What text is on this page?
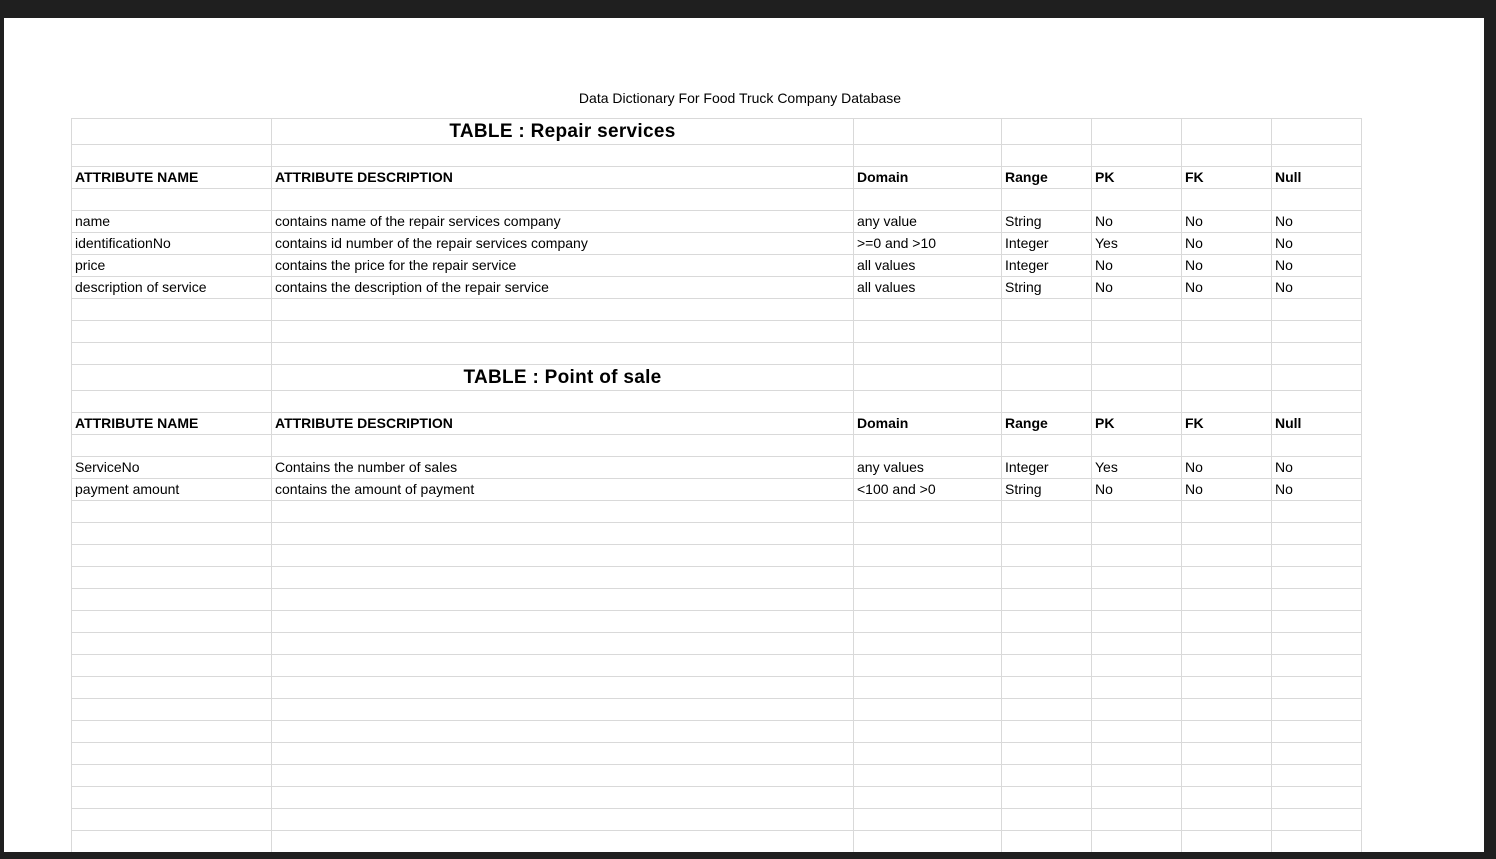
Data Dictionary For Food Truck Company Database
	TABLE : Repair services					

ATTRIBUTE NAME	ATTRIBUTE DESCRIPTION	Domain	Range	PK	FK	Null

name	contains name of the repair services company	any value	String	No	No	No
identificationNo	contains id number of the repair services company	>=0 and >10	Integer	Yes	No	No
price	contains the price for the repair service	all values	Integer	No	No	No
description of service	contains the description of the repair service	all values	String	No	No	No

	TABLE : Point of sale					

ATTRIBUTE NAME	ATTRIBUTE DESCRIPTION	Domain	Range	PK	FK	Null

ServiceNo	Contains the number of sales	any values	Integer	Yes	No	No
payment amount	contains the amount of payment	<100 and >0	String	No	No	No
